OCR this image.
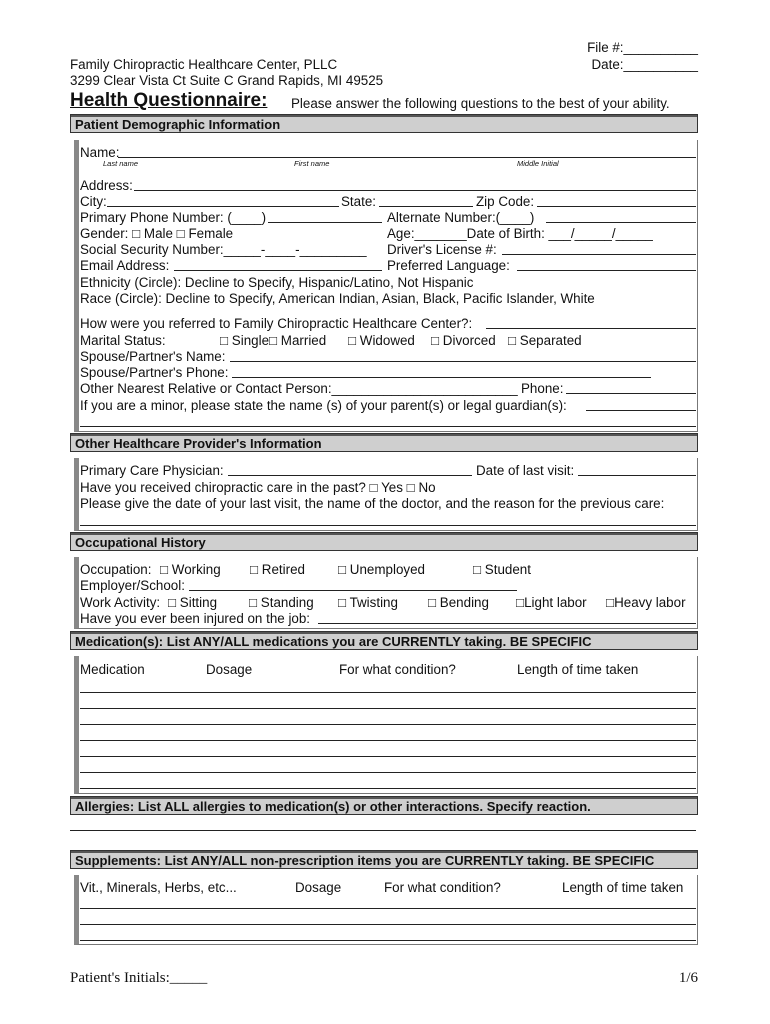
File #:__________
Date:__________
Family Chiropractic Healthcare Center, PLLC
3299 Clear Vista Ct Suite C Grand Rapids, MI 49525
Health Questionnaire: Please answer the following questions to the best of your ability.
Patient Demographic Information
Name:
Last name	First name	Middle Initial
Address:
City:	State:	Zip Code:
Primary Phone Number: (____)	Alternate Number:(____)
Gender: □ Male □ Female	Age:_______Date of Birth: ___/_____/_____
Social Security Number:_____-____-_________ Driver's License #:
Email Address:	Preferred Language:
Ethnicity (Circle): Decline to Specify, Hispanic/Latino, Not Hispanic
Race (Circle): Decline to Specify, American Indian, Asian, Black, Pacific Islander, White
How were you referred to Family Chiropractic Healthcare Center?:
Marital Status:	□ Single □ Married □ Widowed □ Divorced □ Separated
Spouse/Partner's Name:
Spouse/Partner's Phone:
Other Nearest Relative or Contact Person:_________________________ Phone:
If you are a minor, please state the name (s) of your parent(s) or legal guardian(s):
Other Healthcare Provider's Information
Primary Care Physician:	Date of last visit:
Have you received chiropractic care in the past? □ Yes □ No
Please give the date of your last visit, the name of the doctor, and the reason for the previous care:
Occupational History
Occupation: □ Working □ Retired □ Unemployed	□ Student
Employer/School:
Work Activity: □ Sitting □ Standing □ Twisting □ Bending □Light labor □Heavy labor
Have you ever been injured on the job:
Medication(s): List ANY/ALL medications you are CURRENTLY taking. BE SPECIFIC
Medication	Dosage	For what condition?	Length of time taken
Allergies: List ALL allergies to medication(s) or other interactions. Specify reaction.
Supplements: List ANY/ALL non-prescription items you are CURRENTLY taking. BE SPECIFIC
Vit., Minerals, Herbs, etc...	Dosage	For what condition?	Length of time taken
Patient's Initials:_____	1/6
